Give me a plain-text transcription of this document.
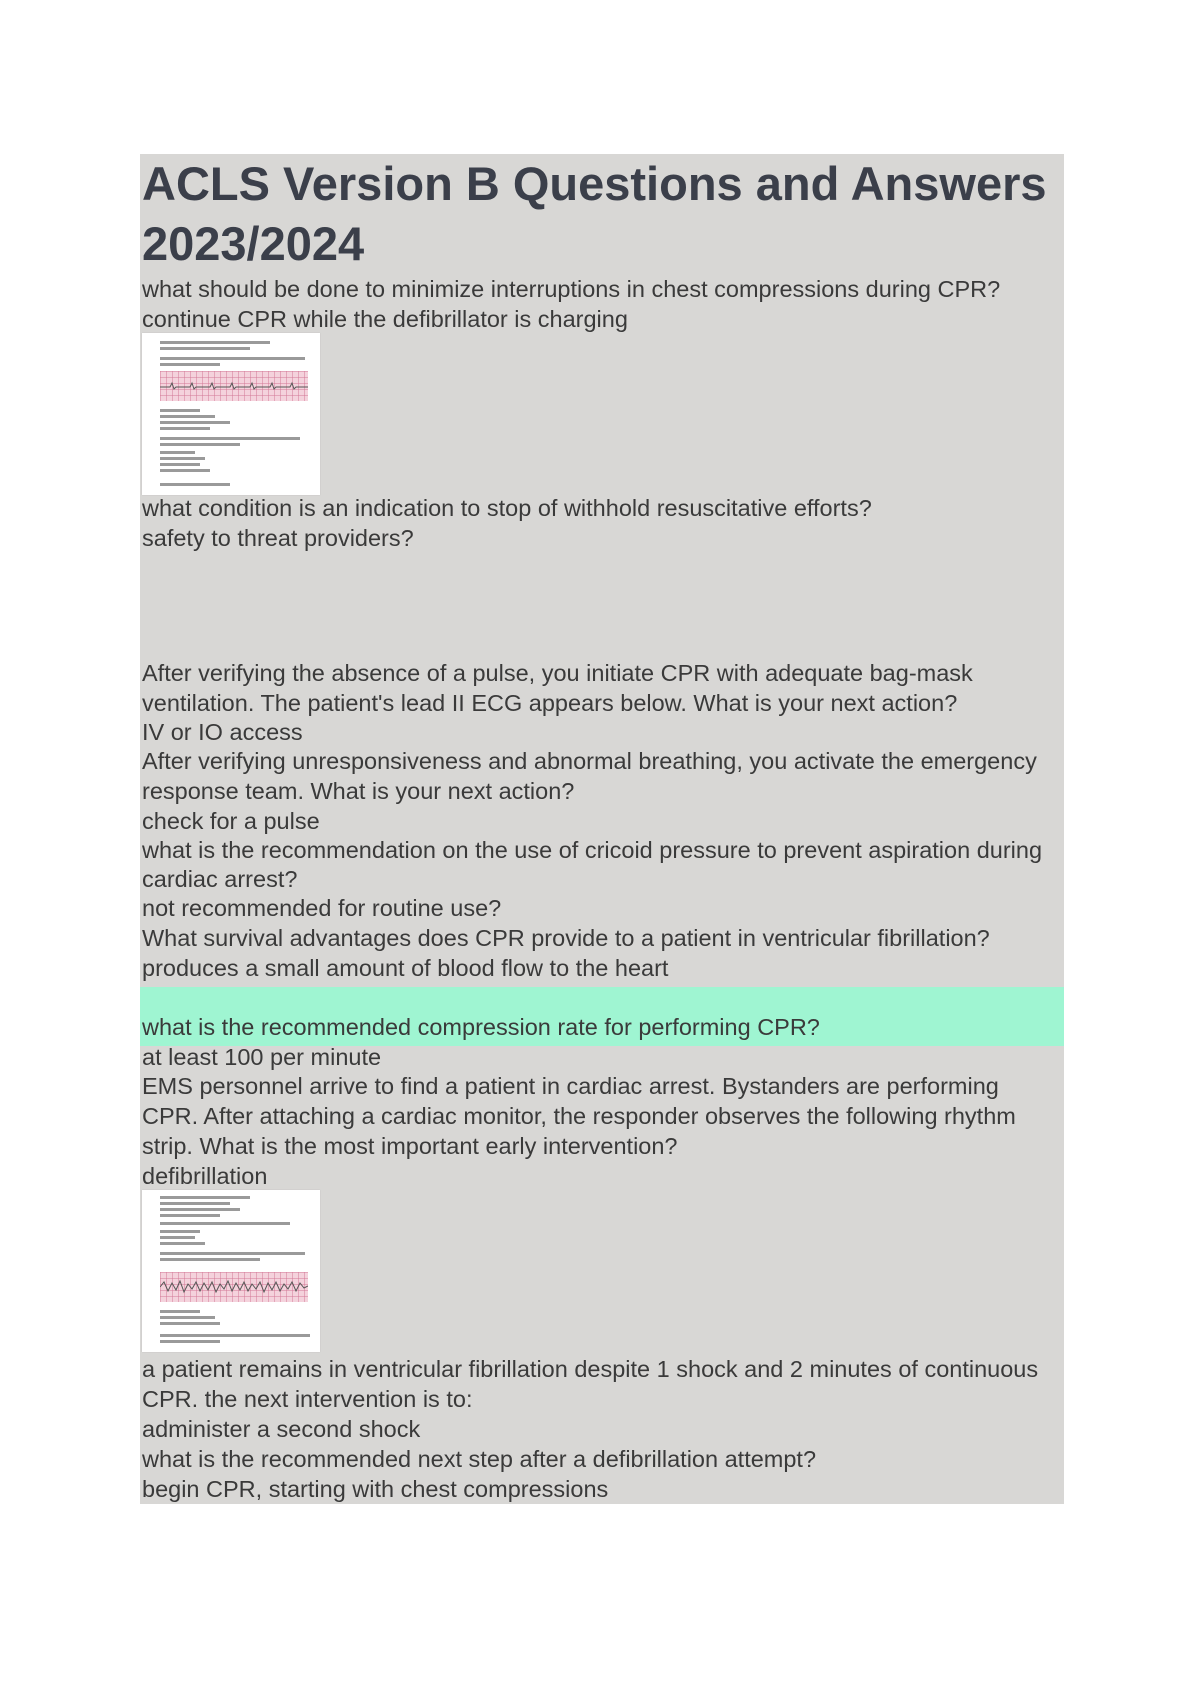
ACLS Version B Questions and Answers 2023/2024
what should be done to minimize interruptions in chest compressions during CPR?
continue CPR while the defibrillator is charging
what condition is an indication to stop of withhold resuscitative efforts?
safety to threat providers?
After verifying the absence of a pulse, you initiate CPR with adequate bag-mask
ventilation. The patient's lead II ECG appears below. What is your next action?
IV or IO access
After verifying unresponsiveness and abnormal breathing, you activate the emergency
response team. What is your next action?
check for a pulse
what is the recommendation on the use of cricoid pressure to prevent aspiration during
cardiac arrest?
not recommended for routine use?
What survival advantages does CPR provide to a patient in ventricular fibrillation?
produces a small amount of blood flow to the heart
what is the recommended compression rate for performing CPR?
at least 100 per minute
EMS personnel arrive to find a patient in cardiac arrest. Bystanders are performing
CPR. After attaching a cardiac monitor, the responder observes the following rhythm
strip. What is the most important early intervention?
defibrillation
a patient remains in ventricular fibrillation despite 1 shock and 2 minutes of continuous
CPR. the next intervention is to:
administer a second shock
what is the recommended next step after a defibrillation attempt?
begin CPR, starting with chest compressions
